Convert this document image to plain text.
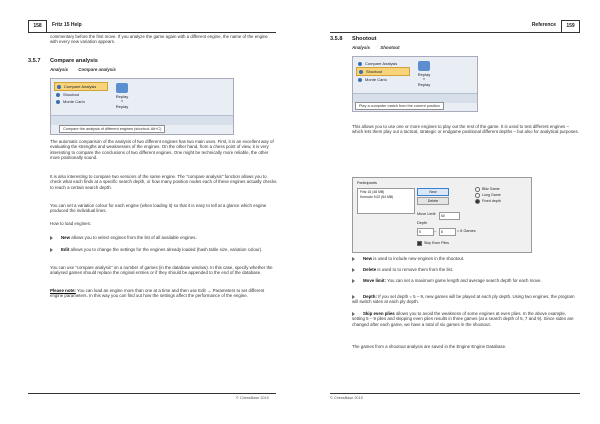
158	Fritz 15 Help

commentary before the first move. If you analyze the game again with a different engine, the name of the engine with every new variation appears.

3.5.7 Compare analysis
Analysis Compare analysis
Compare Analysis
Shootout
Monte Carlo
Replay
▾
Replay
Compare the analysis of different engines (shortcut: Alt+C)

The automatic comparison of the analysis of two different engines has two main uses. First, it is an excellent way of evaluating the strengths and weaknesses of the engines. On the other hand, from a chess point of view, it is very interesting to compare the conclusions of two different engines. One might be technically more reliable, the other more positionally sound.

It is also interesting to compare two versions of the same engine. The "compare analysis" function allows you to check what each finds at a specific search depth, or how many position nodes each of these engines actually checks to reach a certain search depth.

You can set a variation colour for each engine (when loading it) so that it is easy to tell at a glance which engine produced the individual lines.

How to load engines:

New allows you to select engines from the list of all available engines.

Edit allows you to change the settings for the engines already loaded (hash table size, variation colour).

You can use "compare analysis" on a number of games (in the database window). In this case, specify whether the analysed games should replace the original entries or if they should be appended to the end of the database.

Please note: You can load an engine more than one at a time and then use Edit → Parameters to set different engine parameters. In this way you can find out how the settings affect the performance of the engine.

© ChessBase 2015
Reference	159
3.5.8 Shootout
Analysis Shootout
Compare Analysis
Shootout
Monte Carlo
Replay
▾
Replay
Play a computer match from the current position
Participants
Fritz 15 (48 MB)
Komodo 9.02 (64 MB)
New
Delete
Blitz Game
Long Game
Fixed depth
Move Limit:	60
Depth
5	–	8	= 8 Games
Skip Even Plies

This allows you to use one or more engines to play out the rest of the game. It is used to test different engines – which lets them play out a tactical, strategic or endgame positional different depths – but also for analytical purposes.

New is used to include new engines in the shootout.

Delete is used to to remove them from the list.

Move limit: You can set a maximum game length and average search depth for each move.

Depth: If you set depth = 5 – 9, new games will be played at each ply depth. Using two engines, the program will switch sides at each ply depth.

Skip even plies allows you to avoid the weakness of some engines at even plies. In the above example, setting 5 – 9 plies and skipping even plies results in three games (at a search depth of 5, 7 and 9). Since sides are changed after each game, we have a total of six games in the shootout.

The games from a shootout analysis are saved in the Engine Engine Database.

© ChessBase 2015
